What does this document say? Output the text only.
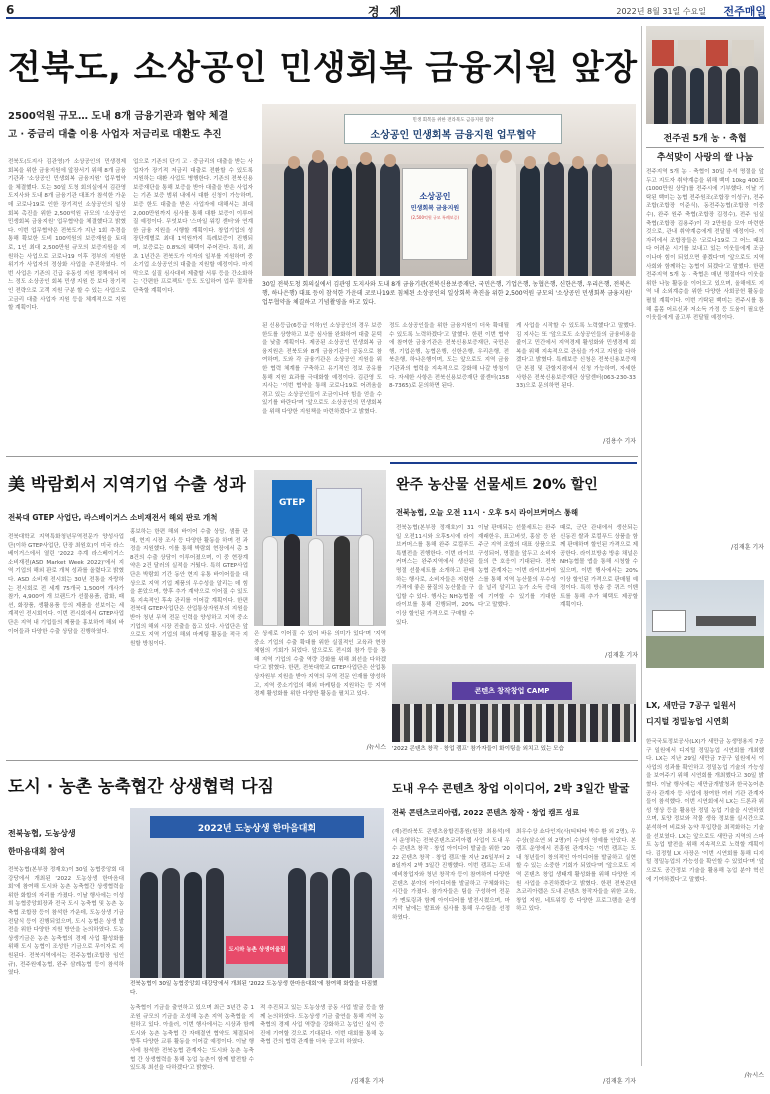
6	경 제	2022년 8월 31일 수요일 전주매일
전북도, 소상공인 민생회복 금융지원 앞장
2500억원 규모… 도내 8개 금융기관과 협약 체결
고 · 중금리 대출 이용 사업자 저금리로 대환도 추진
전북도(도지사 김관영)가 소상공인의 민생경제 회복을 위한 금융지원에 앞장서기 위해 8개 금융기관과 '소상공인 민생회복 금융지원' 업무협약을 체결했다. 도는 30일 도청 회의실에서 김관영 도지사와 도내 8개 금융기관 대표가 참석한 가운데 코로나19로 인한 장기적인 소상공인의 일상 회복 촉진을 위한 2,500억원 규모의 '소상공인 민생회복 금융지원' 업무협약을 체결했다고 밝혔다. 이번 업무협약은 전북도가 지난 1회 추경을 통해 확보한 도비 100억원의 보증재원을 토대로, 1인 최대 2,500만원 규모의 보증지원을 지원하는 사업으로 코로나19 이후 정부의 지원한 위기가 사업자의 정상화 사업을 추진하였다. 이번 사업은 기존의 긴급 유동성 지원 정책에서 어느 정도 소상공인 회복 민생 지원 등 보다 장기적인 전략으로 고객 지원 구분 할 수 있는 사업으로 고금리 대출 사업자 지원 등을 체계적으로 지원할 계획이다.
업으로 기존의 단기 고 · 중금리의 대출을 받는 사업자가 장기적 저금리 대출로 전환할 수 있도록 지원하는 대환 사업도 병행한다. 기존의 전북신용보증재단을 통해 보증을 받아 대출을 받은 사업자는 기존 보증 범위 내에서 대환 신청이 가능하며, 보증 한도 대출을 받은 사업자에 대해서는 최대 2,000만원까지 심사를 통해 대환 보증이 이루어질 예정이다. 무엇보다 '스마일 워킹 센터'와 연계한 금융 지원을 시행할 계획이다. 창업기업의 성장단계별로 최대 1억원까지 특례보증이 진행되며, 보증료는 0.8%의 혜택이 주어진다. 특히, 최초 1년간은 전북도가 이자의 일부를 지원하며 중소기업 소상공인의 대출을 지원할 예정이다. 마지막으로 실질 심사대비 제출할 서류 등을 간소화하는 '간편한 프로젝트' 등도 도입하여 업무 절차를 단축할 계획이다.
민생 회복을 위한 전라북도 금융지원 협약
소상공인 민생회복 금융지원 업무협약
소상공인
민생회복 금융지원
(2,500억원 규모 특례보증)
30일 전북도청 회의실에서 김관영 도지사와 도내 8개 금융기관(전북신용보증재단, 국민은행, 기업은행, 농협은행, 신한은행, 우리은행, 전북은행, 하나은행) 대표 등이 참석한 가운데 코로나19로 침체된 소상공인의 일상회복 촉진을 위한 2,500억원 규모의 '소상공인 민생회복 금융지원' 업무협약을 체결하고 기념촬영을 하고 있다.
된 신용등급(6등급 이하)인 소상공인의 경우 보증 한도를 상향하고 보증 심사를 완화하여 대출 문턱을 낮출 계획이다. 제공된 소상공인 민생회복 금융지원은 전북도와 8개 금융기관이 공동으로 참여하며, 도와 각 금융기관은 소상공인 지원을 위한 협력 체계를 구축하고 유기적인 정보 공유를 통해 지원 효과를 극대화할 예정이다. 김관영 도지사는 '이번 협약을 통해 코로나19로 어려움을 겪고 있는 소상공인들이 조금이나마 힘을 얻을 수 있기를 바란다'며 '앞으로도 소상공인의 민생회복을 위해 다양한 지원책을 마련하겠다'고 밝혔다.
정도 소상공인들을 위한 금융지원이 더욱 확대될 수 있도록 노력하겠다'고 말했다. 한편 이번 협약에 참여한 금융기관은 전북신용보증재단, 국민은행, 기업은행, 농협은행, 신한은행, 우리은행, 전북은행, 하나은행이며, 도는 앞으로도 지역 금융기관과의 협력을 지속적으로 강화해 나갈 방침이다. 자세한 사항은 전북신용보증재단 콜센터(1588-7365)로 문의하면 된다.
게 사업을 시작할 수 있도록 노력했다'고 말했다. 김 지사는 또 '앞으로도 소상공인들의 금융비용을 줄이고 민간에서 지역경제 활성화와 민생경제 회복을 위해 지속적으로 관심을 가지고 지원을 다하겠다'고 밝혔다. 특례보증 신청은 전북신용보증재단 본점 및 관할지점에서 신청 가능하며, 자세한 사항은 전북신용보증재단 상담센터(063-230-3333)으로 문의하면 된다.
/김용수 기자
전주권 5개 농 · 축협
추석맞이 사랑의 쌀 나눔
전주지역 5개 농 · 축협이 30일 추석 명절을 앞두고 지도자 취약계층을 위해 백미 10kg 400포(1000만원 상당)를 전주시에 기부했다. 이날 기탁된 백미는 농협 전주원조(조합장 이성구), 전주 조합(조합장 이준식), 동전주농협(조합장 이중수), 완주 원주 축협(조합장 김정수), 전주 임실축협(조합장 김용주)이 각 2만원을 모아 마련한 것으로, 관내 취약계층에게 전달될 예정이다. 이 자리에서 조합장들은 '코로나19로 그 어느 때보다 어려운 시기를 보내고 있는 이웃들에게 조금이나마 힘이 되었으면 좋겠다'며 '앞으로도 지역사회와 함께하는 농협이 되겠다'고 말했다. 한편 전주지역 5개 농 · 축협은 매년 명절마다 이웃을 위한 나눔 활동을 이어오고 있으며, 올해에도 지역 내 소외계층을 위한 다양한 사회공헌 활동을 펼칠 계획이다. 이번 기탁된 백미는 전주시를 통해 홀몸 어르신과 저소득 가정 등 도움이 필요한 이웃들에게 골고루 전달될 예정이다.
/김재훈 기자
美 박람회서 지역기업 수출 성과
전북대 GTEP 사업단, 라스베이거스 소비재전서 해외 판로 개척
전북대학교 지역특화청년무역전문가 양성사업단(이하 GTEP사업단, 단장 최원호)이 미국 라스베이거스에서 열린 '2022 추계 라스베이거스 소비재전(ASD Market Week 2022)'에서 지역 기업의 해외 판로 개척 성과를 올렸다고 밝혔다. ASD 소비재 전시회는 30년 전통을 자랑하는 전시회로 전 세계 75개국 1,500여 개사가 참가, 4,900여 개 브랜드가 선물용품, 잡화, 패션, 화장품, 생활용품 등의 제품을 선보이는 세계적인 전시회이다. 이번 전시회에서 GTEP사업단은 지역 내 기업들의 제품을 홍보하여 해외 바이어들과 다양한 수출 상담을 진행하였다.
홍보하는 한편 해외 바이어 수출 상담, 샘플 판매, 현지 시장 조사 등 다양한 활동을 하며 전 과정을 지원했다. 이를 통해 박람회 현장에서 총 38건의 수출 상담이 이루어졌으며, 이 중 현장계약은 2건 달러의 실적을 거뒀다. 특히 GTEP사업단은 박람회 기간 동안 현지 유통 바이어들을 대상으로 지역 기업 제품의 우수성을 알리는 데 힘을 쏟았으며, 향후 추가 계약으로 이어질 수 있도록 지속적인 후속 관리를 이어갈 계획이다. 한편 전북대 GTEP사업단은 산업통상자원부의 지원을 받아 청년 무역 전문 인력을 양성하고 지역 중소기업의 해외 시장 진출을 돕고 있다. 사업단은 앞으로도 지역 기업의 해외 마케팅 활동을 적극 지원할 방침이다.
GTEP
은 상세로 이어질 수 있어 바유 의미가 있다'며 '지역 중소 기업의 수출 확대를 위한 실질적인 교육과 현장 체험의 기회가 되었다. 앞으로도 전시회 참가 등을 통해 지역 기업의 수출 역량 강화를 위해 최선을 다하겠다'고 밝혔다. 한편, 전북대학교 GTEP사업단은 산업통상자원부 지원을 받아 지역의 무역 전문 인재를 양성하고, 지역 중소기업의 해외 마케팅을 지원하는 등 지역 경제 활성화를 위한 다양한 활동을 펼치고 있다.
/뉴시스
완주 농산물 선물세트 20% 할인
전북농협, 오늘 오전 11시 · 오후 5시 라이브커머스 통해
전북농협(본부장 정재호)이 31일 오전11시와 오후5시에 라이브커머스를 통해 완주 로컬푸드 특별전을 진행한다. 이번 라이브커머스는 완주지역에서 생산된 명절 선물세트를 소개하고 판매하는 행사로, 소비자들은 저렴한 가격에 좋은 품질의 농산물을 구입할 수 있다. 행사는 NH농협몰 라이브를 통해 진행되며, 20%이상 할인된 가격으로 구매할 수 있다.
이날 판매되는 선물세트는 완주 재래한우, 표고버섯, 홍삼 등 완주군 지역 조합의 대표 상품으로 구성되어, 명절을 앞두고 소비자들의 큰 호응이 기대된다. 전북농협 관계자는 '이번 라이브커머스를 통해 지역 농산물의 우수성을 널리 알리고 농가 소득 증대에 기여할 수 있기를 기대한다'고 말했다.
때로, 군단 관내에서 생산되는 신동진 쌀과 로컬푸드 상품을 함께 판매하며 할인된 가격으로 제공한다. 라이브방송 방송 채널은 NH농협몰 앱을 통해 시청할 수 있으며, 이번 행사에서는 20%이상 할인된 가격으로 판매될 예정이다. 특히 방송 중 퀴즈 이벤트를 통해 추가 혜택도 제공할 계획이다.
/김재훈 기자
콘텐츠 창작창업 CAMP
'2022 콘텐츠 창작 · 창업 캠프' 참가자들이 화이팅을 외치고 있는 모습
도시 · 농촌 농축협간 상생협력 다짐
전북농협, 도농상생
한마음대회 참여
전북농협(본부장 정재호)이 30일 농협중앙회 대강당에서 개최된 '2022 도농상생 한마음대회'에 참여해 도시와 농촌 농축협간 상생협력을 위한 화합의 자리를 가졌다. 이날 행사에는 이성희 농협중앙회장과 전국 도시 농축협 및 농촌 농축협 조합장 등이 참석한 가운데, 도농상생 기금 전달식 등이 진행되었으며, 도시 농협은 상생 발전을 위한 다양한 지원 방안을 논의하였다. 도농상생기금은 농촌 농축협의 경제 사업 활성화를 위해 도시 농협이 조성한 기금으로 무이자로 지원된다. 전북지역에서는 전주농협(조합장 임인규), 전주원예농협, 완주 삼례농협 등이 참석하였다.
2022년 도농상생 한마음대회
도시와 농촌 상생어울림
전북농협이 30일 농협중앙회 대강당에서 개최된 '2022 도농상생 한마음대회'에 참여해 화합을 다짐했다.
농축협이 기금을 출연하고 있으며 최근 3년간 총 1조원 규모의 기금을 조성해 농촌 지역 농축협을 지원하고 있다. 아울러, 이번 행사에서는 시상과 함께 도시와 농촌 농축협 간 자매결연 협약도 체결되어 향후 다양한 교류 활동을 이어갈 예정이다. 이날 행사에 참석한 전북농협 관계자는 '도시와 농촌 농축협 간 상생협력을 통해 농업 농촌이 함께 발전할 수 있도록 최선을 다하겠다'고 밝혔다.
적 추진되고 있는 도농상생 공동 사업 발굴 등을 함께 논의하였다. 도농상생 기금 출연을 통해 지역 농축협의 경제 사업 역량을 강화하고 농업인 실익 증진에 기여할 것으로 기대된다. 이번 대회를 통해 농축협 간의 협력 관계를 더욱 공고히 하였다.
/김재훈 기자
도내 우수 콘텐츠 창업 이이디어, 2박 3일간 발굴
전북 콘텐츠코리아랩, 2022 콘텐츠 창작 · 창업 캠프 성료
(재)전라북도 콘텐츠융합진흥원(원장 최용석)에서 운영하는 전북콘텐츠코리아랩 사업이 도내 우수 콘텐츠 창작 · 창업 아이디어 발굴을 위한 '2022 콘텐츠 창작 · 창업 캠프'를 지난 26일부터 28일까지 2박 3일간 진행했다. 이번 캠프는 도내 예비창업자와 청년 창작자 등이 참여하여 다양한 콘텐츠 분야의 아이디어를 발굴하고 구체화하는 시간을 가졌다. 참가자들은 팀을 구성하여 전문가 멘토링과 함께 아이디어를 발전시켰으며, 마지막 날에는 발표와 심사를 통해 우수팀을 선정하였다.
최우수상 쇼다인지(사(티타타 박수 환 외 2명), 우수상(삼소연 외 2명)이 수상의 영예를 안았다. 본 캠프 운영에서 진흥원 관계자는 '이번 캠프는 도내 청년들이 창의적인 아이디어를 발굴하고 실현할 수 있는 소중한 기회가 되었다'며 '앞으로도 지역 콘텐츠 창업 생태계 활성화를 위해 다양한 지원 사업을 추진하겠다'고 밝혔다. 한편 전북콘텐츠코리아랩은 도내 콘텐츠 창작자들을 위한 교육, 창업 지원, 네트워킹 등 다양한 프로그램을 운영하고 있다.
/김재훈 기자
LX, 새만금 7공구 일원서
디지털 정밀농업 시연회
한국국토정보공사(LX)가 새만금 농생명용지 7공구 일원에서 디지털 정밀농업 시연회를 개최했다. LX는 지난 29일 새만금 7공구 일원에서 이 사업의 성과를 확인하고 정밀농업 기술의 가능성을 보여주기 위해 시연회를 개최했다고 30일 밝혔다. 이날 행사에는 새만금개발청과 한국농어촌공사 관계자 등 사업에 참여한 여러 기관 관계자들이 참석했다. 이번 시연회에서 LX는 드론과 위성 영상 등을 활용한 정밀 농업 기술을 시연하였으며, 토양 정보와 작물 생육 정보를 실시간으로 분석하여 비료와 농약 투입량을 최적화하는 기술을 선보였다. LX는 앞으로도 새만금 지역의 스마트 농업 발전을 위해 지속적으로 노력할 계획이다. 김정렬 LX 사장은 '이번 시연회를 통해 디지털 정밀농업의 가능성을 확인할 수 있었다'며 '앞으로도 공간정보 기술을 활용해 농업 분야 혁신에 기여하겠다'고 말했다.
/뉴시스
